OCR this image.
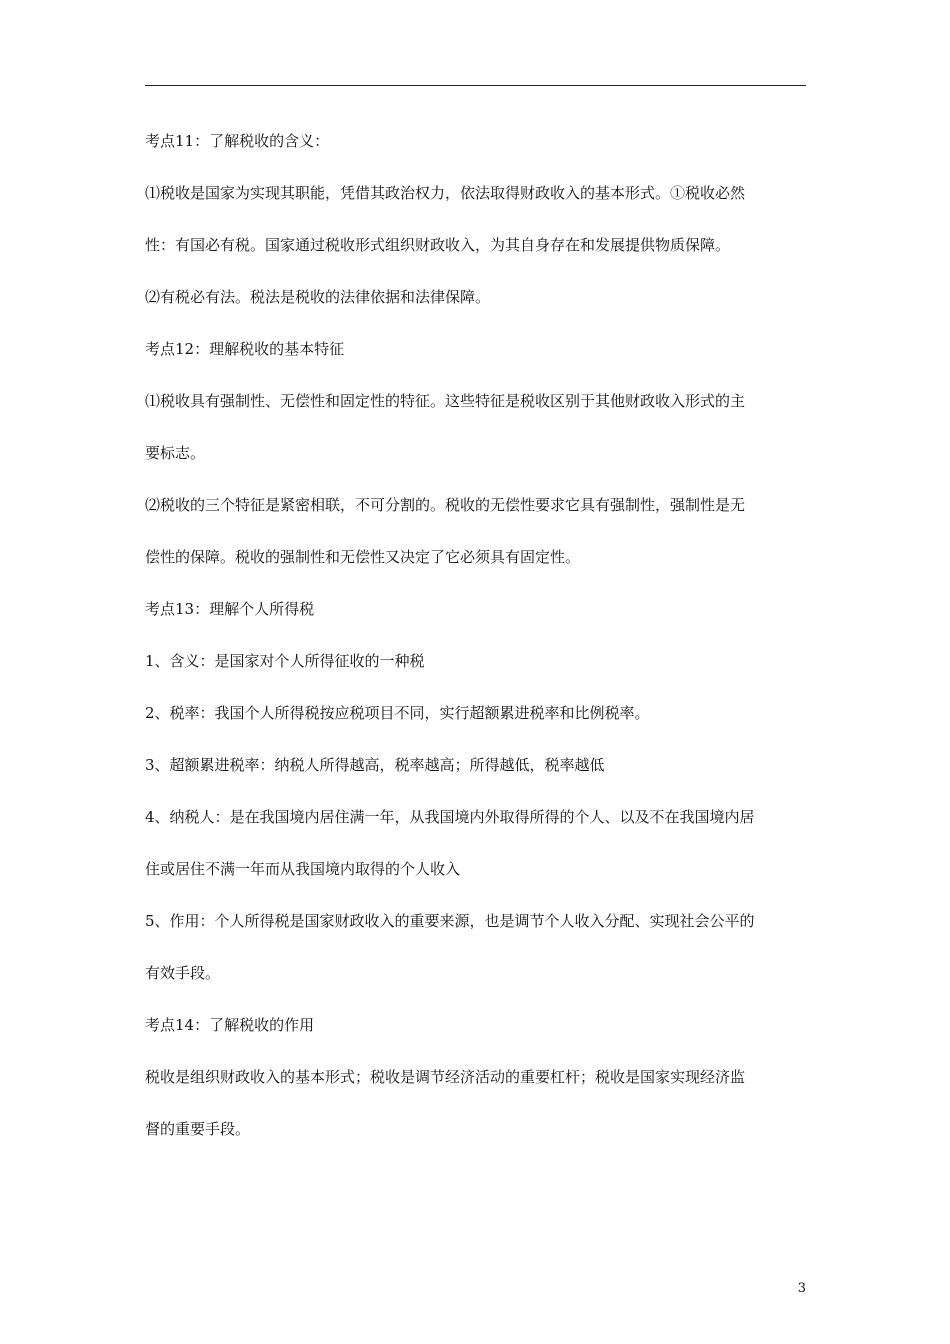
考点11：了解税收的含义：

⑴税收是国家为实现其职能，凭借其政治权力，依法取得财政收入的基本形式。①税收必然

性：有国必有税。国家通过税收形式组织财政收入，为其自身存在和发展提供物质保障。

⑵有税必有法。税法是税收的法律依据和法律保障。

考点12：理解税收的基本特征

⑴税收具有强制性、无偿性和固定性的特征。这些特征是税收区别于其他财政收入形式的主

要标志。

⑵税收的三个特征是紧密相联，不可分割的。税收的无偿性要求它具有强制性，强制性是无

偿性的保障。税收的强制性和无偿性又决定了它必须具有固定性。

考点13：理解个人所得税

1、含义：是国家对个人所得征收的一种税

2、税率：我国个人所得税按应税项目不同，实行超额累进税率和比例税率。

3、超额累进税率：纳税人所得越高，税率越高；所得越低，税率越低

4、纳税人：是在我国境内居住满一年，从我国境内外取得所得的个人、以及不在我国境内居

住或居住不满一年而从我国境内取得的个人收入

5、作用：个人所得税是国家财政收入的重要来源，也是调节个人收入分配、实现社会公平的

有效手段。

考点14：了解税收的作用

税收是组织财政收入的基本形式；税收是调节经济活动的重要杠杆；税收是国家实现经济监

督的重要手段。

3
